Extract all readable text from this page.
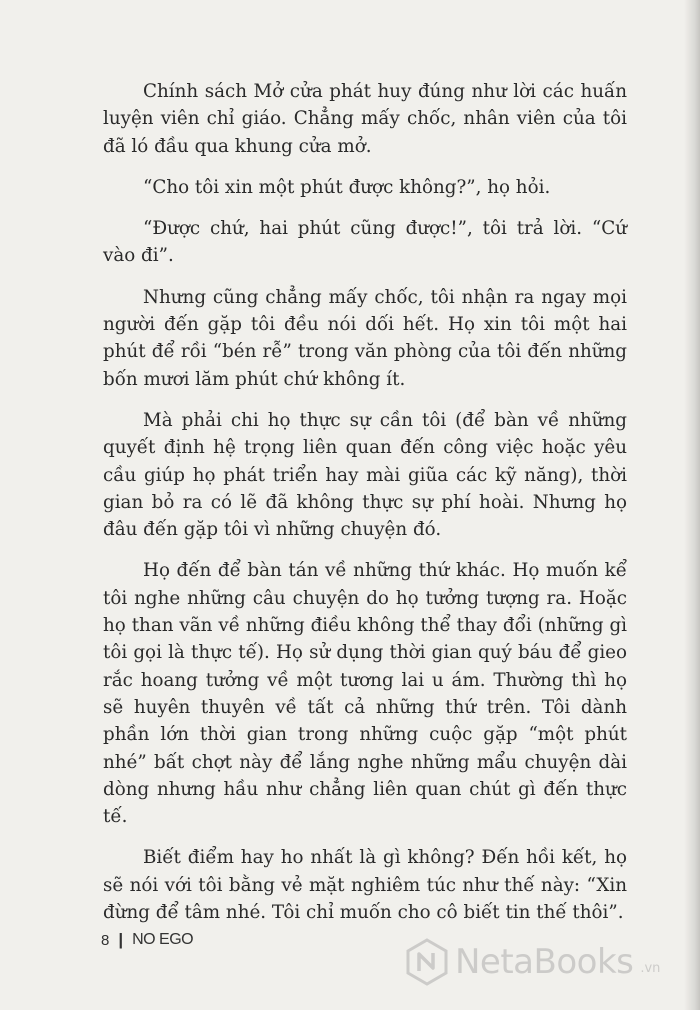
Chính sách Mở cửa phát huy đúng như lời các huấn luyện viên chỉ giáo. Chẳng mấy chốc, nhân viên của tôi đã ló đầu qua khung cửa mở.

“Cho tôi xin một phút được không?”, họ hỏi.

“Được chứ, hai phút cũng được!”, tôi trả lời. “Cứ vào đi”.

Nhưng cũng chẳng mấy chốc, tôi nhận ra ngay mọi người đến gặp tôi đều nói dối hết. Họ xin tôi một hai phút để rồi “bén rễ” trong văn phòng của tôi đến những bốn mươi lăm phút chứ không ít.

Mà phải chi họ thực sự cần tôi (để bàn về những quyết định hệ trọng liên quan đến công việc hoặc yêu cầu giúp họ phát triển hay mài giũa các kỹ năng), thời gian bỏ ra có lẽ đã không thực sự phí hoài. Nhưng họ đâu đến gặp tôi vì những chuyện đó.

Họ đến để bàn tán về những thứ khác. Họ muốn kể tôi nghe những câu chuyện do họ tưởng tượng ra. Hoặc họ than vãn về những điều không thể thay đổi (những gì tôi gọi là thực tế). Họ sử dụng thời gian quý báu để gieo rắc hoang tưởng về một tương lai u ám. Thường thì họ sẽ huyên thuyên về tất cả những thứ trên. Tôi dành phần lớn thời gian trong những cuộc gặp “một phút nhé” bất chợt này để lắng nghe những mẩu chuyện dài dòng nhưng hầu như chẳng liên quan chút gì đến thực tế.

Biết điểm hay ho nhất là gì không? Đến hồi kết, họ sẽ nói với tôi bằng vẻ mặt nghiêm túc như thế này: “Xin đừng để tâm nhé. Tôi chỉ muốn cho cô biết tin thế thôi”.

8 | NO EGO
NetaBooks .vn
